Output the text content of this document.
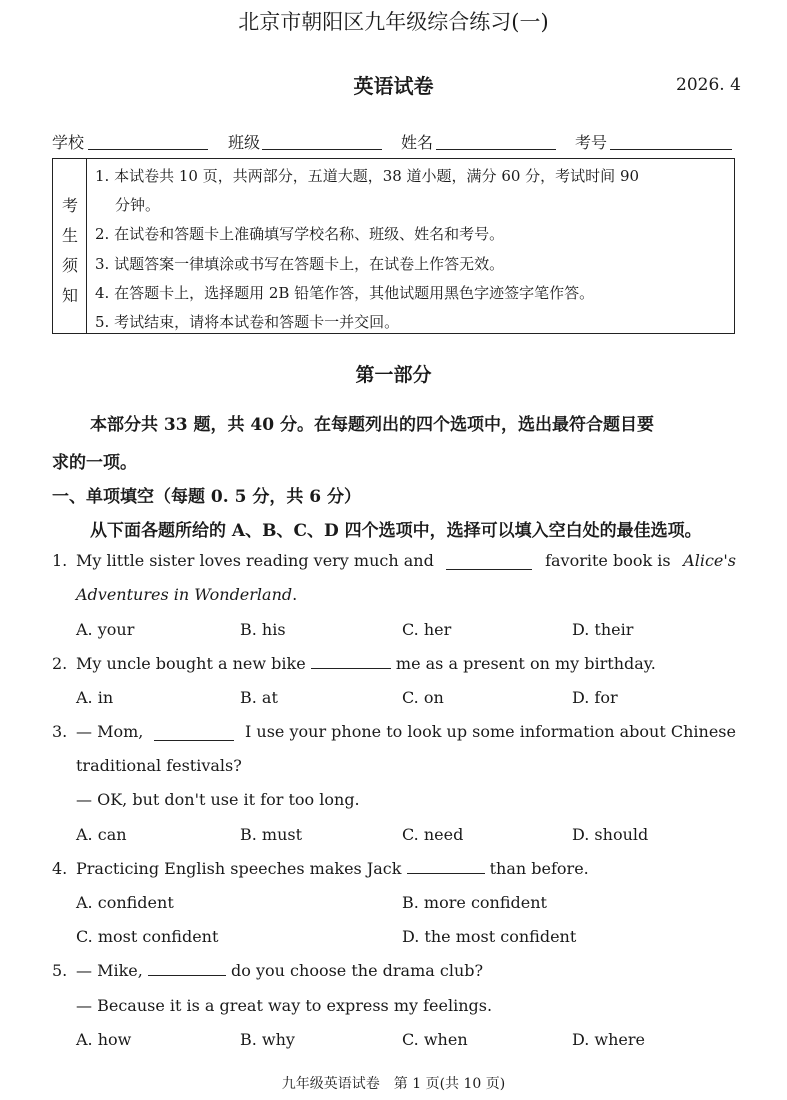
北京市朝阳区九年级综合练习(一)
英语试卷	2026. 4
学校	班级	姓名	考号
考
生
须
知
1. 本试卷共 10 页，共两部分，五道大题，38 道小题，满分 60 分，考试时间 90
分钟。
2. 在试卷和答题卡上准确填写学校名称、班级、姓名和考号。
3. 试题答案一律填涂或书写在答题卡上，在试卷上作答无效。
4. 在答题卡上，选择题用 2B 铅笔作答，其他试题用黑色字迹签字笔作答。
5. 考试结束，请将本试卷和答题卡一并交回。
第一部分
本部分共 33 题，共 40 分。在每题列出的四个选项中，选出最符合题目要
求的一项。
一、单项填空（每题 0. 5 分，共 6 分）
从下面各题所给的 A、B、C、D 四个选项中，选择可以填入空白处的最佳选项。
1. My little sister loves reading very much and	favorite book is Alice's
Adventures in Wonderland.
A. your	B. his	C. her	D. their
2. My uncle bought a new bike	me as a present on my birthday.
A. in	B. at	C. on	D. for
3. — Mom,	I use your phone to look up some information about Chinese
traditional festivals?
— OK, but don't use it for too long.
A. can	B. must	C. need	D. should
4. Practicing English speeches makes Jack	than before.
A. confident	B. more confident
C. most confident	D. the most confident
5. — Mike,	do you choose the drama club?
— Because it is a great way to express my feelings.
A. how	B. why	C. when	D. where
九年级英语试卷　第 1 页(共 10 页)
